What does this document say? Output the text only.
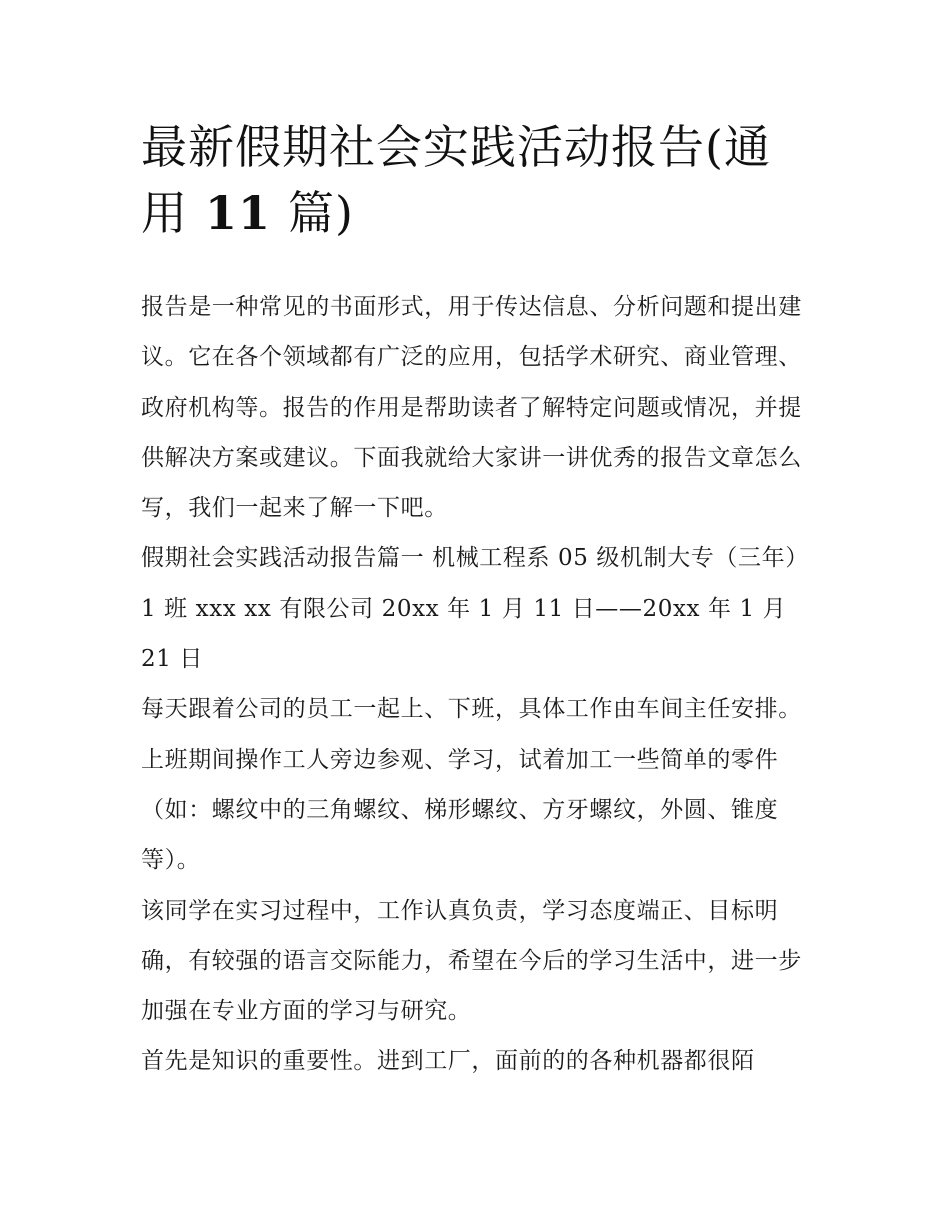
最新假期社会实践活动报告(通
用 11 篇)

报告是一种常见的书面形式，用于传达信息、分析问题和提出建议。它在各个领域都有广泛的应用，包括学术研究、商业管理、政府机构等。报告的作用是帮助读者了解特定问题或情况，并提供解决方案或建议。下面我就给大家讲一讲优秀的报告文章怎么写，我们一起来了解一下吧。

假期社会实践活动报告篇一 机械工程系 05 级机制大专（三年）1 班 xxx xx 有限公司 20xx 年 1 月 11 日——20xx 年 1 月 21 日

每天跟着公司的员工一起上、下班，具体工作由车间主任安排。上班期间操作工人旁边参观、学习，试着加工一些简单的零件（如：螺纹中的三角螺纹、梯形螺纹、方牙螺纹，外圆、锥度等）。

该同学在实习过程中，工作认真负责，学习态度端正、目标明确，有较强的语言交际能力，希望在今后的学习生活中，进一步加强在专业方面的学习与研究。

首先是知识的重要性。进到工厂，面前的的各种机器都很陌
